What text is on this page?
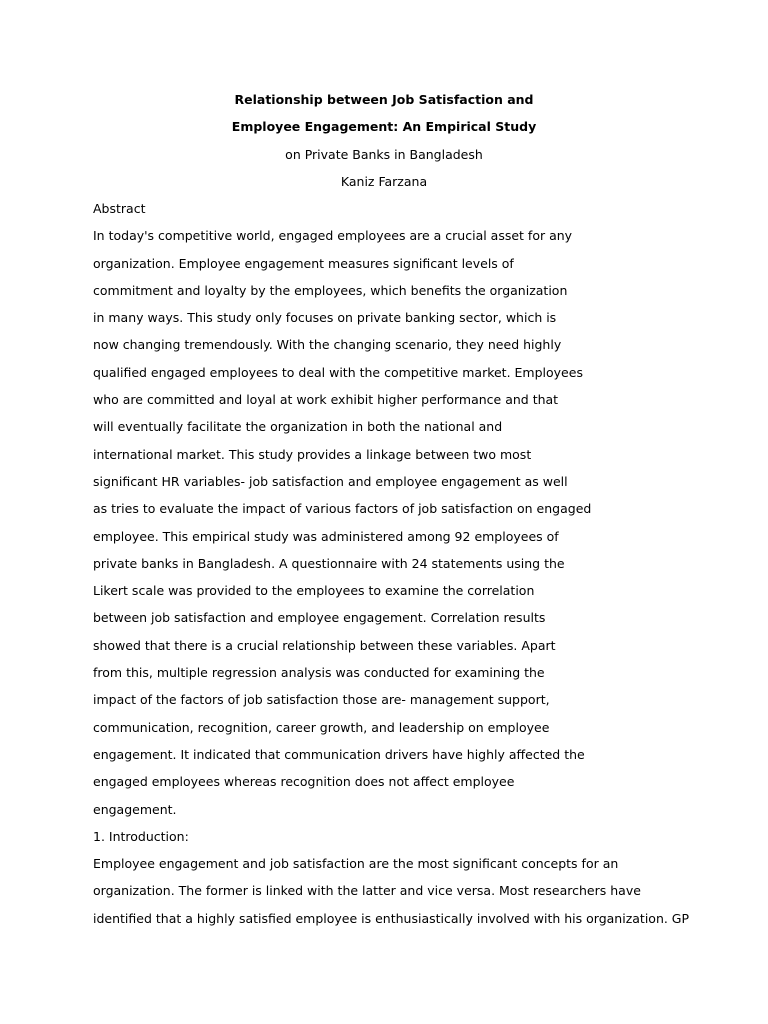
Relationship between Job Satisfaction and
Employee Engagement: An Empirical Study
on Private Banks in Bangladesh
Kaniz Farzana
Abstract
In today's competitive world, engaged employees are a crucial asset for any
organization. Employee engagement measures significant levels of
commitment and loyalty by the employees, which benefits the organization
in many ways. This study only focuses on private banking sector, which is
now changing tremendously. With the changing scenario, they need highly
qualified engaged employees to deal with the competitive market. Employees
who are committed and loyal at work exhibit higher performance and that
will eventually facilitate the organization in both the national and
international market. This study provides a linkage between two most
significant HR variables- job satisfaction and employee engagement as well
as tries to evaluate the impact of various factors of job satisfaction on engaged
employee. This empirical study was administered among 92 employees of
private banks in Bangladesh. A questionnaire with 24 statements using the
Likert scale was provided to the employees to examine the correlation
between job satisfaction and employee engagement. Correlation results
showed that there is a crucial relationship between these variables. Apart
from this, multiple regression analysis was conducted for examining the
impact of the factors of job satisfaction those are- management support,
communication, recognition, career growth, and leadership on employee
engagement. It indicated that communication drivers have highly affected the
engaged employees whereas recognition does not affect employee
engagement.
1. Introduction:
Employee engagement and job satisfaction are the most significant concepts for an
organization. The former is linked with the latter and vice versa. Most researchers have
identified that a highly satisfied employee is enthusiastically involved with his organization. GP
